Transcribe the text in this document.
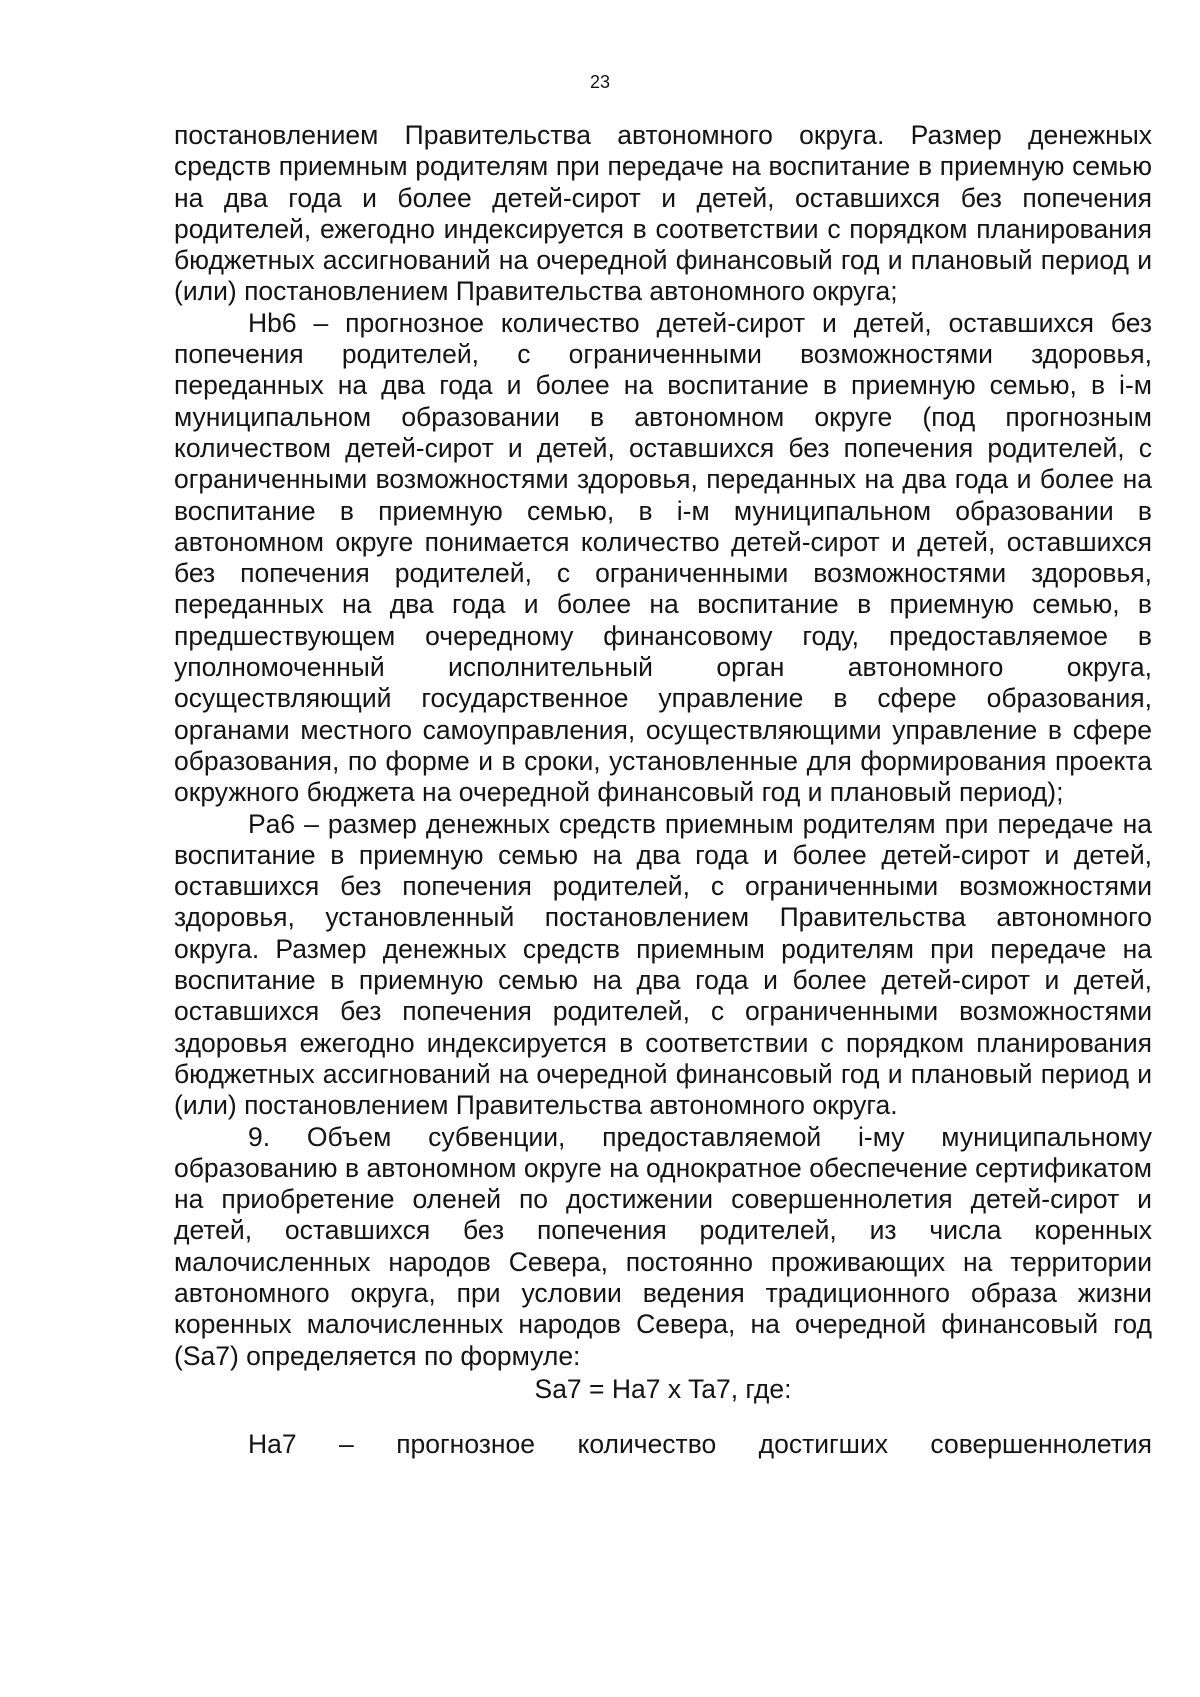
23

постановлением Правительства автономного округа. Размер денежных средств приемным родителям при передаче на воспитание в приемную семью на два года и более детей-сирот и детей, оставшихся без попечения родителей, ежегодно индексируется в соответствии с порядком планирования бюджетных ассигнований на очередной финансовый год и плановый период и (или) постановлением Правительства автономного округа;

Hb6 – прогнозное количество детей-сирот и детей, оставшихся без попечения родителей, с ограниченными возможностями здоровья, переданных на два года и более на воспитание в приемную семью, в i-м муниципальном образовании в автономном округе (под прогнозным количеством детей-сирот и детей, оставшихся без попечения родителей, с ограниченными возможностями здоровья, переданных на два года и более на воспитание в приемную семью, в i-м муниципальном образовании в автономном округе понимается количество детей-сирот и детей, оставшихся без попечения родителей, с ограниченными возможностями здоровья, переданных на два года и более на воспитание в приемную семью, в предшествующем очередному финансовому году, предоставляемое в уполномоченный исполнительный орган автономного округа, осуществляющий государственное управление в сфере образования, органами местного самоуправления, осуществляющими управление в сфере образования, по форме и в сроки, установленные для формирования проекта окружного бюджета на очередной финансовый год и плановый период);

Pa6 – размер денежных средств приемным родителям при передаче на воспитание в приемную семью на два года и более детей-сирот и детей, оставшихся без попечения родителей, с ограниченными возможностями здоровья, установленный постановлением Правительства автономного округа. Размер денежных средств приемным родителям при передаче на воспитание в приемную семью на два года и более детей-сирот и детей, оставшихся без попечения родителей, с ограниченными возможностями здоровья ежегодно индексируется в соответствии с порядком планирования бюджетных ассигнований на очередной финансовый год и плановый период и (или) постановлением Правительства автономного округа.

9. Объем субвенции, предоставляемой i-му муниципальному образованию в автономном округе на однократное обеспечение сертификатом на приобретение оленей по достижении совершеннолетия детей-сирот и детей, оставшихся без попечения родителей, из числа коренных малочисленных народов Севера, постоянно проживающих на территории автономного округа, при условии ведения традиционного образа жизни коренных малочисленных народов Севера, на очередной финансовый год (Sa7) определяется по формуле:

Sa7 = Ha7 x Ta7, где:

Ha7 – прогнозное количество достигших совершеннолетия
